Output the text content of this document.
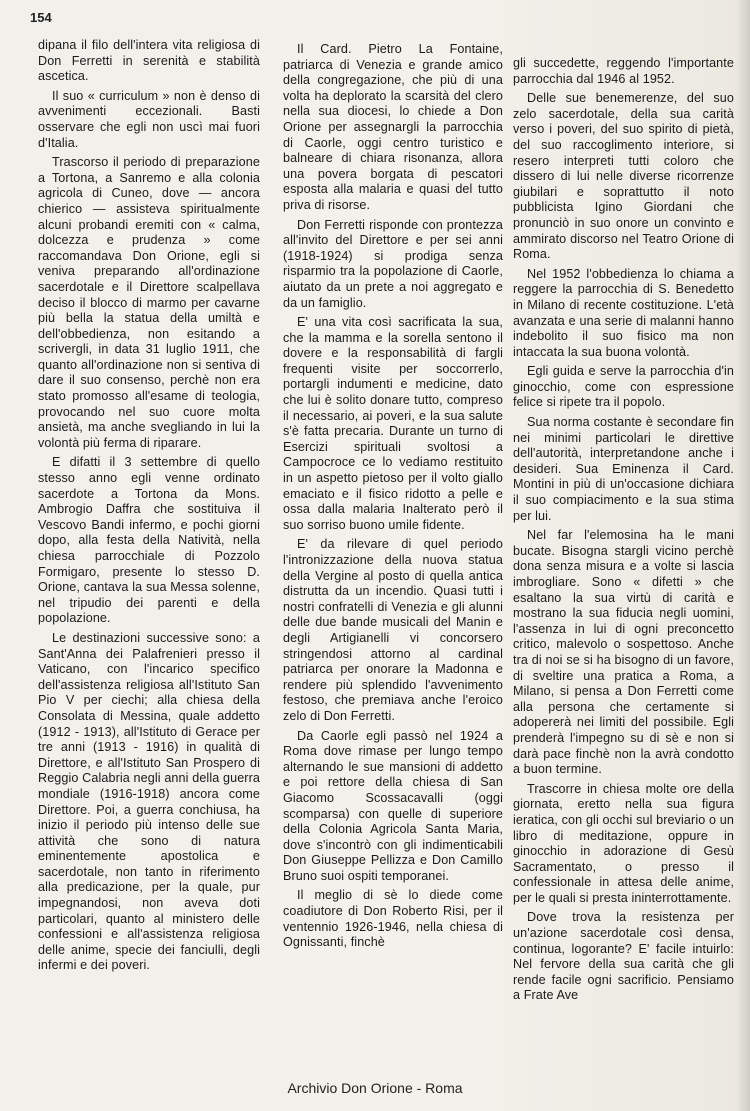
154

dipana il filo dell'intera vita religiosa di Don Ferretti in serenità e stabilità ascetica.

Il suo « curriculum » non è denso di avvenimenti eccezionali. Basti osservare che egli non uscì mai fuori d'Italia.

Trascorso il periodo di preparazione a Tortona, a Sanremo e alla colonia agricola di Cuneo, dove — ancora chierico — assisteva spiritualmente alcuni probandi eremiti con « calma, dolcezza e prudenza » come raccomandava Don Orione, egli si veniva preparando all'ordinazione sacerdotale e il Direttore scalpellava deciso il blocco di marmo per cavarne più bella la statua della umiltà e dell'obbedienza, non esitando a scrivergli, in data 31 luglio 1911, che quanto all'ordinazione non si sentiva di dare il suo consenso, perchè non era stato promosso all'esame di teologia, provocando nel suo cuore molta ansietà, ma anche svegliando in lui la volontà più ferma di riparare.

E difatti il 3 settembre di quello stesso anno egli venne ordinato sacerdote a Tortona da Mons. Ambrogio Daffra che sostituiva il Vescovo Bandi infermo, e pochi giorni dopo, alla festa della Natività, nella chiesa parrocchiale di Pozzolo Formigaro, presente lo stesso D. Orione, cantava la sua Messa solenne, nel tripudio dei parenti e della popolazione.

Le destinazioni successive sono: a Sant'Anna dei Palafrenieri presso il Vaticano, con l'incarico specifico dell'assistenza religiosa all'Istituto San Pio V per ciechi; alla chiesa della Consolata di Messina, quale addetto (1912 - 1913), all'Istituto di Gerace per tre anni (1913 - 1916) in qualità di Direttore, e all'Istituto San Prospero di Reggio Calabria negli anni della guerra mondiale (1916-1918) ancora come Direttore. Poi, a guerra conchiusa, ha inizio il periodo più intenso delle sue attività che sono di natura eminentemente apostolica e sacerdotale, non tanto in riferimento alla predicazione, per la quale, pur impegnandosi, non aveva doti particolari, quanto al ministero delle confessioni e all'assistenza religiosa delle anime, specie dei fanciulli, degli infermi e dei poveri.

Il Card. Pietro La Fontaine, patriarca di Venezia e grande amico della congregazione, che più di una volta ha deplorato la scarsità del clero nella sua diocesi, lo chiede a Don Orione per assegnargli la parrocchia di Caorle, oggi centro turistico e balneare di chiara risonanza, allora una povera borgata di pescatori esposta alla malaria e quasi del tutto priva di risorse.

Don Ferretti risponde con prontezza all'invito del Direttore e per sei anni (1918-1924) si prodiga senza risparmio tra la popolazione di Caorle, aiutato da un prete a noi aggregato e da un famiglio.

E' una vita così sacrificata la sua, che la mamma e la sorella sentono il dovere e la responsabilità di fargli frequenti visite per soccorrerlo, portargli indumenti e medicine, dato che lui è solito donare tutto, compreso il necessario, ai poveri, e la sua salute s'è fatta precaria. Durante un turno di Esercizi spirituali svoltosi a Campocroce ce lo vediamo restituito in un aspetto pietoso per il volto giallo emaciato e il fisico ridotto a pelle e ossa dalla malaria Inalterato però il suo sorriso buono umile fidente.

E' da rilevare di quel periodo l'intronizzazione della nuova statua della Vergine al posto di quella antica distrutta da un incendio. Quasi tutti i nostri confratelli di Venezia e gli alunni delle due bande musicali del Manin e degli Artigianelli vi concorsero stringendosi attorno al cardinal patriarca per onorare la Madonna e rendere più splendido l'avvenimento festoso, che premiava anche l'eroico zelo di Don Ferretti.

Da Caorle egli passò nel 1924 a Roma dove rimase per lungo tempo alternando le sue mansioni di addetto e poi rettore della chiesa di San Giacomo Scossacavalli (oggi scomparsa) con quelle di superiore della Colonia Agricola Santa Maria, dove s'incontrò con gli indimenticabili Don Giuseppe Pellizza e Don Camillo Bruno suoi ospiti temporanei.

Il meglio di sè lo diede come coadiutore di Don Roberto Risi, per il ventennio 1926-1946, nella chiesa di Ognissanti, finchè

gli succedette, reggendo l'importante parrocchia dal 1946 al 1952.

Delle sue benemerenze, del suo zelo sacerdotale, della sua carità verso i poveri, del suo spirito di pietà, del suo raccoglimento interiore, si resero interpreti tutti coloro che dissero di lui nelle diverse ricorrenze giubilari e soprattutto il noto pubblicista Igino Giordani che pronunciò in suo onore un convinto e ammirato discorso nel Teatro Orione di Roma.

Nel 1952 l'obbedienza lo chiama a reggere la parrocchia di S. Benedetto in Milano di recente costituzione. L'età avanzata e una serie di malanni hanno indebolito il suo fisico ma non intaccata la sua buona volontà.

Egli guida e serve la parrocchia d'in ginocchio, come con espressione felice si ripete tra il popolo.

Sua norma costante è secondare fin nei minimi particolari le direttive dell'autorità, interpretandone anche i desideri. Sua Eminenza il Card. Montini in più di un'occasione dichiara il suo compiacimento e la sua stima per lui.

Nel far l'elemosina ha le mani bucate. Bisogna stargli vicino perchè dona senza misura e a volte si lascia imbrogliare. Sono « difetti » che esaltano la sua virtù di carità e mostrano la sua fiducia negli uomini, l'assenza in lui di ogni preconcetto critico, malevolo o sospettoso. Anche tra di noi se si ha bisogno di un favore, di sveltire una pratica a Roma, a Milano, si pensa a Don Ferretti come alla persona che certamente si adopererà nei limiti del possibile. Egli prenderà l'impegno su di sè e non si darà pace finchè non la avrà condotto a buon termine.

Trascorre in chiesa molte ore della giornata, eretto nella sua figura ieratica, con gli occhi sul breviario o un libro di meditazione, oppure in ginocchio in adorazione di Gesù Sacramentato, o presso il confessionale in attesa delle anime, per le quali si presta ininterrottamente.

Dove trova la resistenza per un'azione sacerdotale così densa, continua, logorante? E' facile intuirlo: Nel fervore della sua carità che gli rende facile ogni sacrificio. Pensiamo a Frate Ave

Archivio Don Orione - Roma
